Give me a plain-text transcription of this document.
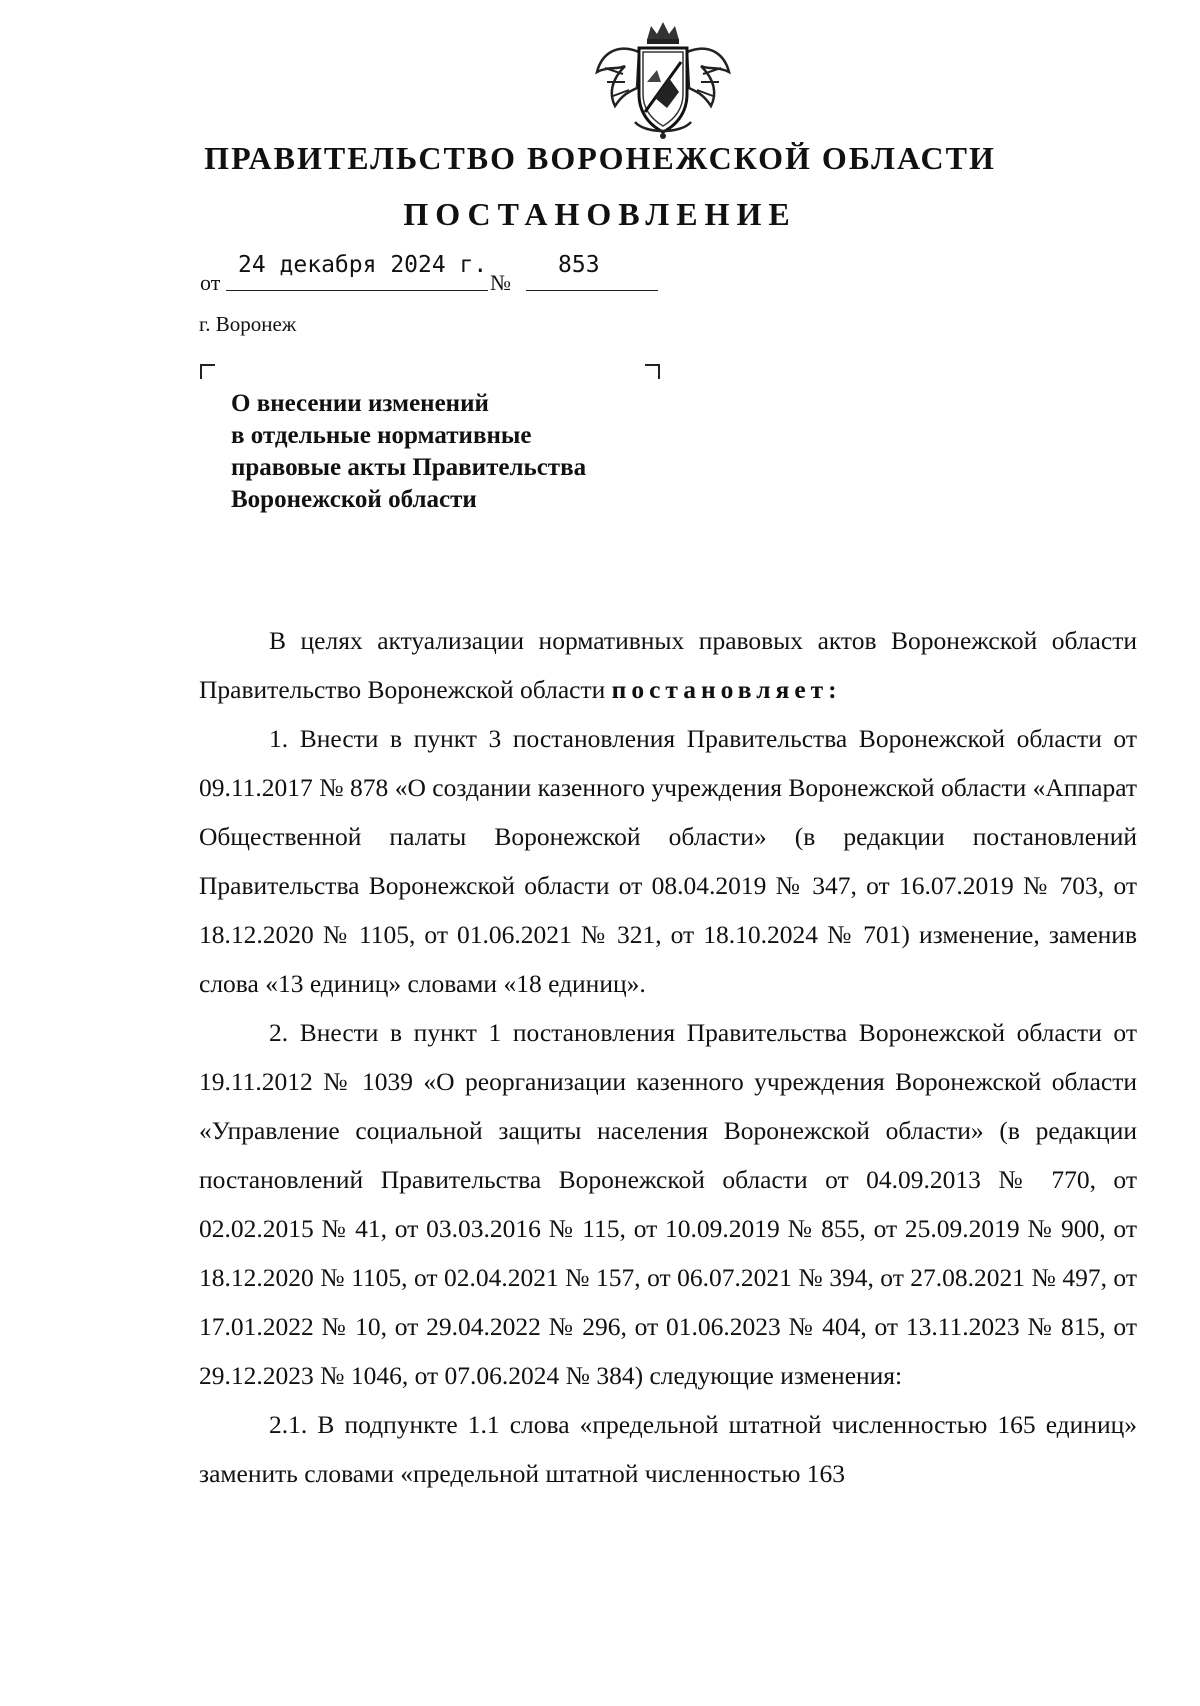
ПРАВИТЕЛЬСТВО ВОРОНЕЖСКОЙ ОБЛАСТИ
ПОСТАНОВЛЕНИЕ
от
24 декабря 2024 г.
№
853
г. Воронеж
О внесении изменений
в отдельные нормативные
правовые акты Правительства
Воронежской области

В целях актуализации нормативных правовых актов Воронежской области Правительство Воронежской области постановляет:

1. Внести в пункт 3 постановления Правительства Воронежской области от 09.11.2017 № 878 «О создании казенного учреждения Воронежской области «Аппарат Общественной палаты Воронежской области» (в редакции постановлений Правительства Воронежской области от 08.04.2019 № 347, от 16.07.2019 № 703, от 18.12.2020 № 1105, от 01.06.2021 № 321, от 18.10.2024 № 701) изменение, заменив слова «13 единиц» словами «18 единиц».

2. Внести в пункт 1 постановления Правительства Воронежской области от 19.11.2012 № 1039 «О реорганизации казенного учреждения Воронежской области «Управление социальной защиты населения Воронежской области» (в редакции постановлений Правительства Воронежской области от 04.09.2013 № 770, от 02.02.2015 № 41, от 03.03.2016 № 115, от 10.09.2019 № 855, от 25.09.2019 № 900, от 18.12.2020 № 1105, от 02.04.2021 № 157, от 06.07.2021 № 394, от 27.08.2021 № 497, от 17.01.2022 № 10, от 29.04.2022 № 296, от 01.06.2023 № 404, от 13.11.2023 № 815, от 29.12.2023 № 1046, от 07.06.2024 № 384) следующие изменения:

2.1. В подпункте 1.1 слова «предельной штатной численностью 165 единиц» заменить словами «предельной штатной численностью 163
